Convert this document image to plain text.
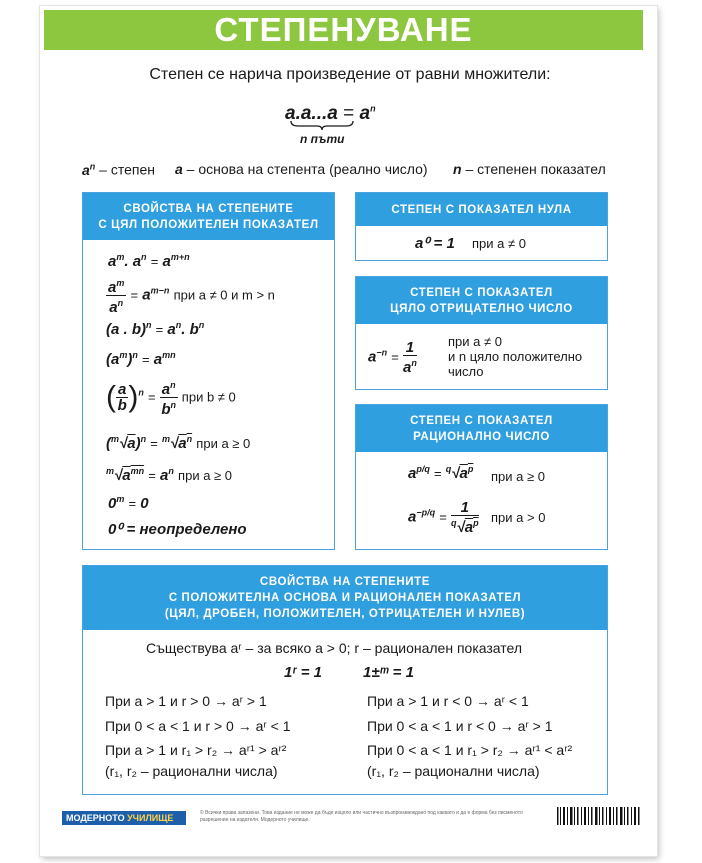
СТЕПЕНУВАНЕ
Степен се нарича произведение от равни множители:
$a.a...a = a^n$
n пъти
$a^n$ – степен a – основа на степента (реално число) n – степенен показател
СВОЙСТВА НА СТЕПЕНИТЕ
С ЦЯЛ ПОЛОЖИТЕЛЕН ПОКАЗАТЕЛ
$a^m$. $a^n = a^{m+n}$
$\frac{a^m}{a^n} = a^{m-n}$ при a ≠ 0 и m > n
(a . $b)^n = a^n$. $b^n$
$(a^m)^n = a^{mn}$
( $\frac{a}{b} )^n = \frac{a^n}{b^n}$ при b ≠ 0
$(^m√a)^n = ^m√a^n$ при a ≥ 0
$^m√a^{mn} = a^n$ при a ≥ 0
$0^m = 0$
0⁰ = неопределено
СТЕПЕН С ПОКАЗАТЕЛ НУЛА
a⁰ = 1 при a ≠ 0
СТЕПЕН С ПОКАЗАТЕЛ
ЦЯЛО ОТРИЦАТЕЛНО ЧИСЛО
$a^{-n} = \frac{1}{a^n}$ при a ≠ 0
и n цяло положително
число
СТЕПЕН С ПОКАЗАТЕЛ
РАЦИОНАЛНО ЧИСЛО
$a^{p/q} = ^q√a^p$ при a ≥ 0
$a^{-p/q} = \frac{1}{^q√a^p}$ при a > 0
СВОЙСТВА НА СТЕПЕНИТЕ
С ПОЛОЖИТЕЛНА ОСНОВА И РАЦИОНАЛЕН ПОКАЗАТЕЛ
(ЦЯЛ, ДРОБЕН, ПОЛОЖИТЕЛЕН, ОТРИЦАТЕЛЕН И НУЛЕВ)
Съществува aʳ – за всяко a > 0; r – рационален показател
1ʳ = 1	1±ᵐ = 1
При a > 1 и r > 0 → aʳ > 1
При 0 < a < 1 и r > 0 → aʳ < 1
При a > 1 и r₁ > r₂ → aʳ¹ > aʳ²
(r₁, r₂ – рационални числа)
При a > 1 и r < 0 → aʳ < 1
При 0 < a < 1 и r < 0 → aʳ > 1
При 0 < a < 1 и r₁ > r₂ → aʳ¹ < aʳ²
(r₁, r₂ – рационални числа)
МОДЕРНОТО УЧИЛИЩЕ	© Всички права запазени. Това издание не може да бъде изцяло или частично възпроизвеждано под каквато и да е форма без писменото разрешение на издателя. Модерното училище.
